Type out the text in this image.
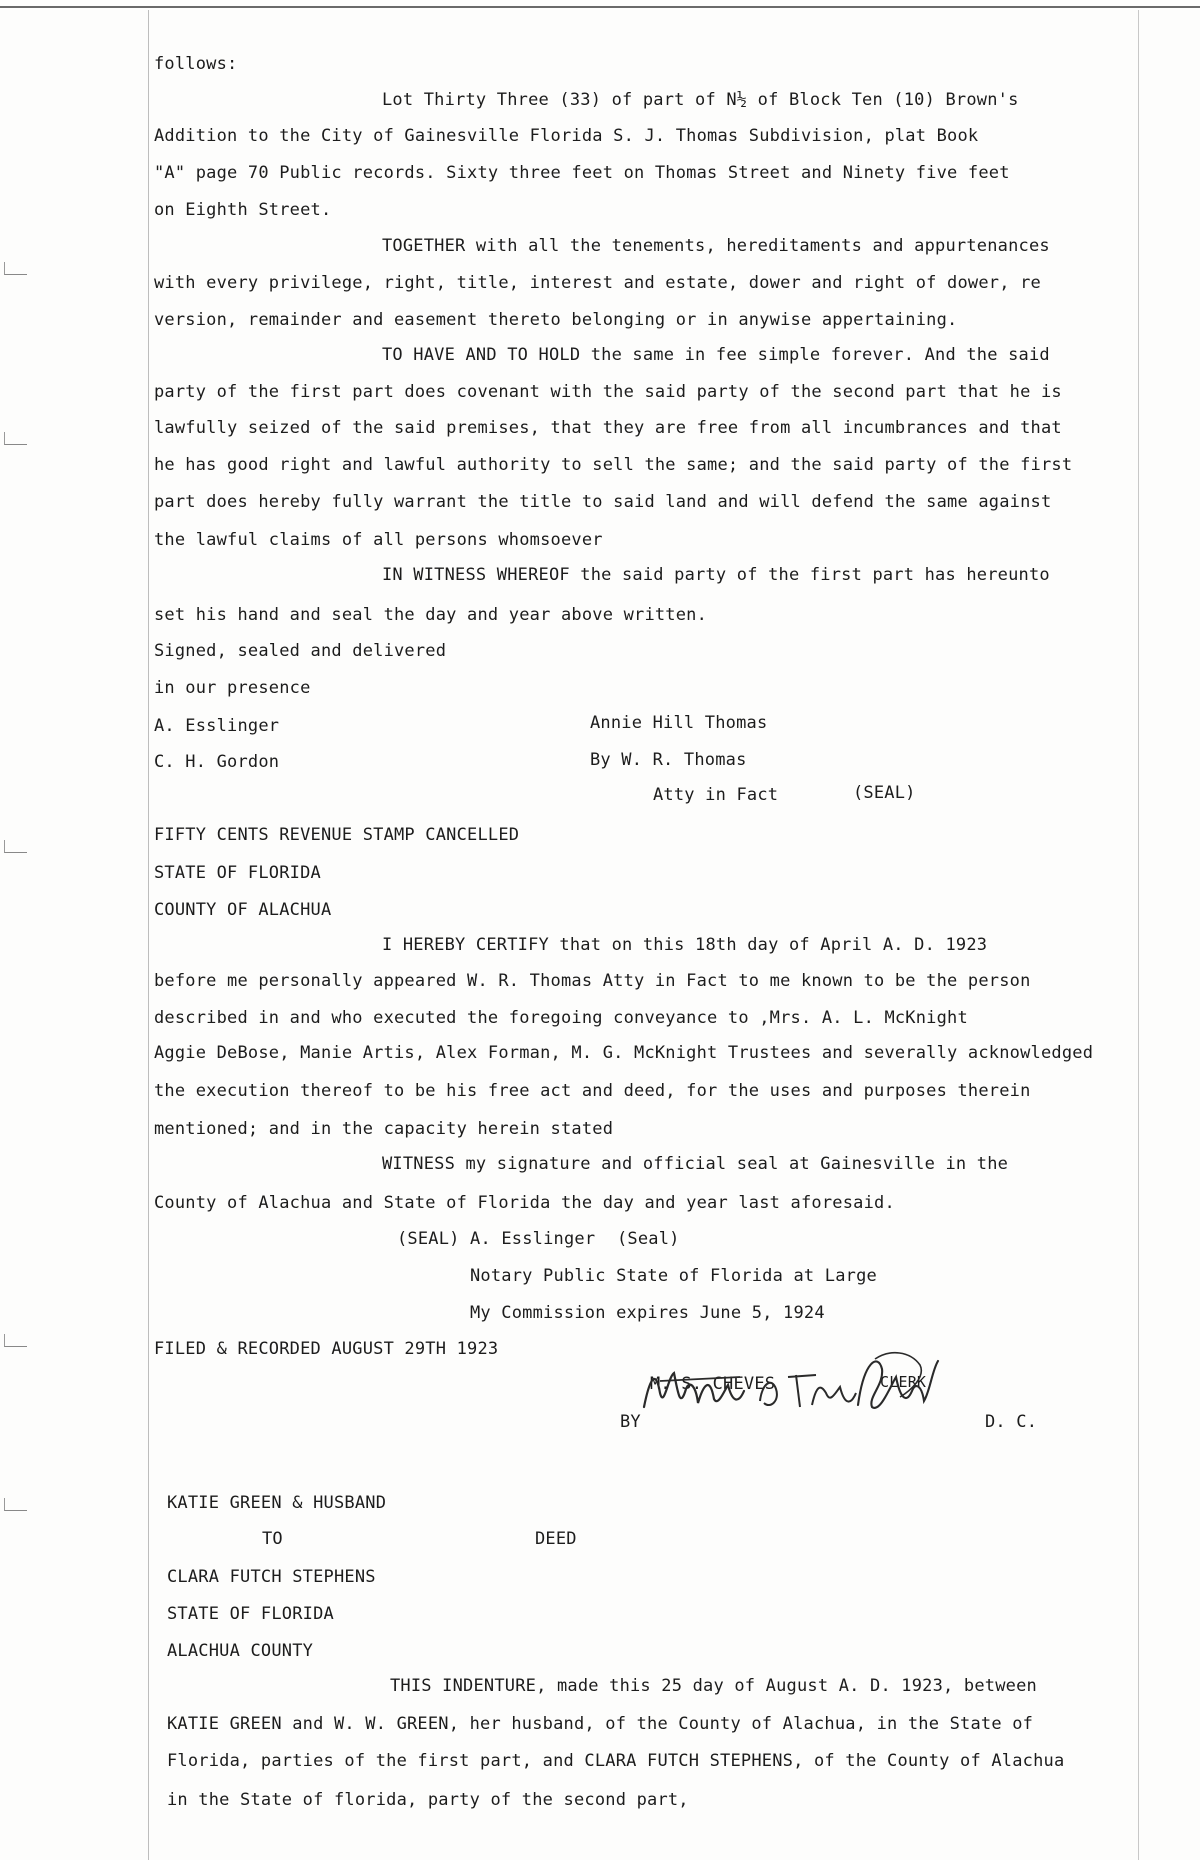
follows:
Lot Thirty Three (33) of part of N½ of Block Ten (10) Brown's
Addition to the City of Gainesville Florida S. J. Thomas Subdivision, plat Book
"A" page 70 Public records. Sixty three feet on Thomas Street and Ninety five feet
on Eighth Street.
TOGETHER with all the tenements, hereditaments and appurtenances
with every privilege, right, title, interest and estate, dower and right of dower, re
version, remainder and easement thereto belonging or in anywise appertaining.
TO HAVE AND TO HOLD the same in fee simple forever. And the said
party of the first part does covenant with the said party of the second part that he is
lawfully seized of the said premises, that they are free from all incumbrances and that
he has good right and lawful authority to sell the same; and the said party of the first
part does hereby fully warrant the title to said land and will defend the same against
the lawful claims of all persons whomsoever
IN WITNESS WHEREOF the said party of the first part has hereunto
set his hand and seal the day and year above written.
Signed, sealed and delivered
in our presence
A. Esslinger	Annie Hill Thomas
C. H. Gordon	By W. R. Thomas
Atty in Fact	(SEAL)
FIFTY CENTS REVENUE STAMP CANCELLED
STATE OF FLORIDA
COUNTY OF ALACHUA
I HEREBY CERTIFY that on this 18th day of April A. D. 1923
before me personally appeared W. R. Thomas Atty in Fact to me known to be the person
described in and who executed the foregoing conveyance to ,Mrs. A. L. McKnight
Aggie DeBose, Manie Artis, Alex Forman, M. G. McKnight Trustees and severally acknowledged
the execution thereof to be his free act and deed, for the uses and purposes therein
mentioned; and in the capacity herein stated
WITNESS my signature and official seal at Gainesville in the
County of Alachua and State of Florida the day and year last aforesaid.
(SEAL) A. Esslinger (Seal)
Notary Public State of Florida at Large
My Commission expires June 5, 1924
FILED & RECORDED AUGUST 29TH 1923
M. S. CHEVES	CLERK
BY	D. C.
KATIE GREEN & HUSBAND
TO	DEED
CLARA FUTCH STEPHENS
STATE OF FLORIDA
ALACHUA COUNTY
THIS INDENTURE, made this 25 day of August A. D. 1923, between
KATIE GREEN and W. W. GREEN, her husband, of the County of Alachua, in the State of
Florida, parties of the first part, and CLARA FUTCH STEPHENS, of the County of Alachua
in the State of florida, party of the second part,
